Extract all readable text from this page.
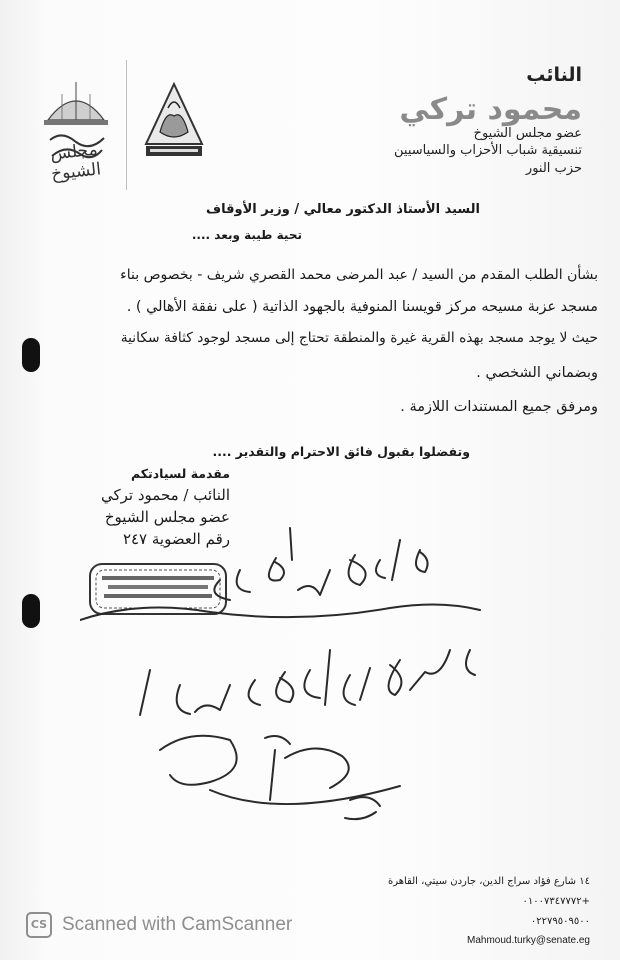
مجلس الشيوخ
النائب
محمود تركي
عضو مجلس الشيوخ
تنسيقية شباب الأحزاب والسياسيين
حزب النور
السيد الأستاذ الدكتور معالي / وزير الأوقاف
تحية طيبة وبعد ....
بشأن الطلب المقدم من السيد / عبد المرضى محمد القصري شريف - بخصوص بناء
مسجد عزبة مسيحه مركز قويسنا المنوفية بالجهود الذاتية ( على نفقة الأهالي ) .
حيث لا يوجد مسجد بهذه القرية غيرة والمنطقة تحتاج إلى مسجد لوجود كثافة سكانية
وبضماني الشخصي .
ومرفق جميع المستندات اللازمة .
وتفضلوا بقبول فائق الاحترام والتقدير ....
مقدمة لسيادتكم
النائب / محمود تركي
عضو مجلس الشيوخ
رقم العضوية ٢٤٧
١٤ شارع فؤاد سراج الدين، جاردن سيتي، القاهرة
٠١٠٠٧٣٤٧٧٧٢+
٠٢٢٧٩٥٠٩٥٠٠
Mahmoud.turky@senate.eg
CS Scanned with CamScanner
